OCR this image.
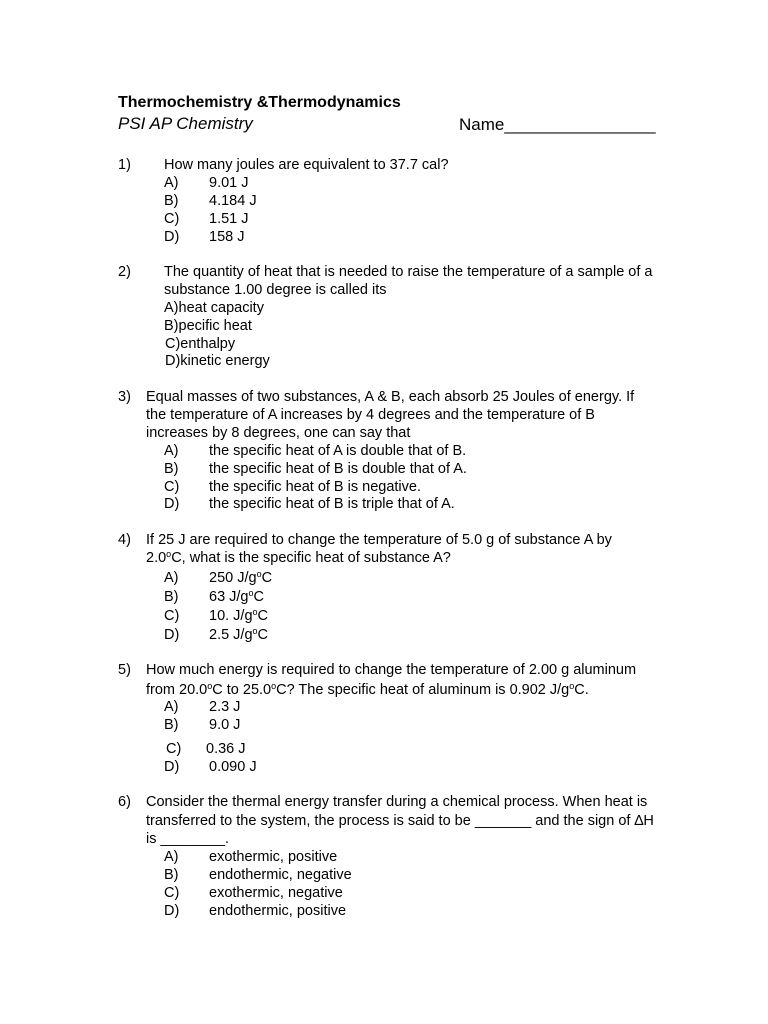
Thermochemistry &Thermodynamics
PSI AP Chemistry	Name________________
1) How many joules are equivalent to 37.7 cal?
A) 9.01 J
B) 4.184 J
C) 1.51 J
D) 158 J
2) The quantity of heat that is needed to raise the temperature of a sample of a
substance 1.00 degree is called its
A)heat capacity
B)pecific heat
C)enthalpy
D)kinetic energy
3) Equal masses of two substances, A & B, each absorb 25 Joules of energy. If
the temperature of A increases by 4 degrees and the temperature of B
increases by 8 degrees, one can say that
A) the specific heat of A is double that of B.
B) the specific heat of B is double that of A.
C) the specific heat of B is negative.
D) the specific heat of B is triple that of A.
4) If 25 J are required to change the temperature of 5.0 g of substance A by
2.0$^o$C, what is the specific heat of substance A?
A) 250 $J/g^oC$
B) 63 $J/g^oC$
C) 10. $J/g^oC$
D) 2.5 $J/g^oC$
5) How much energy is required to change the temperature of 2.00 g aluminum
from 20.0$^o$C to 25.0$^o$C? The specific heat of aluminum is 0.902 $J/g^oC$.
A) 2.3 J
B) 9.0 J
C) 0.36 J
D) 0.090 J
6) Consider the thermal energy transfer during a chemical process. When heat is
transferred to the system, the process is said to be _______ and the sign of ∆H
is ________.
A) exothermic, positive
B) endothermic, negative
C) exothermic, negative
D) endothermic, positive
